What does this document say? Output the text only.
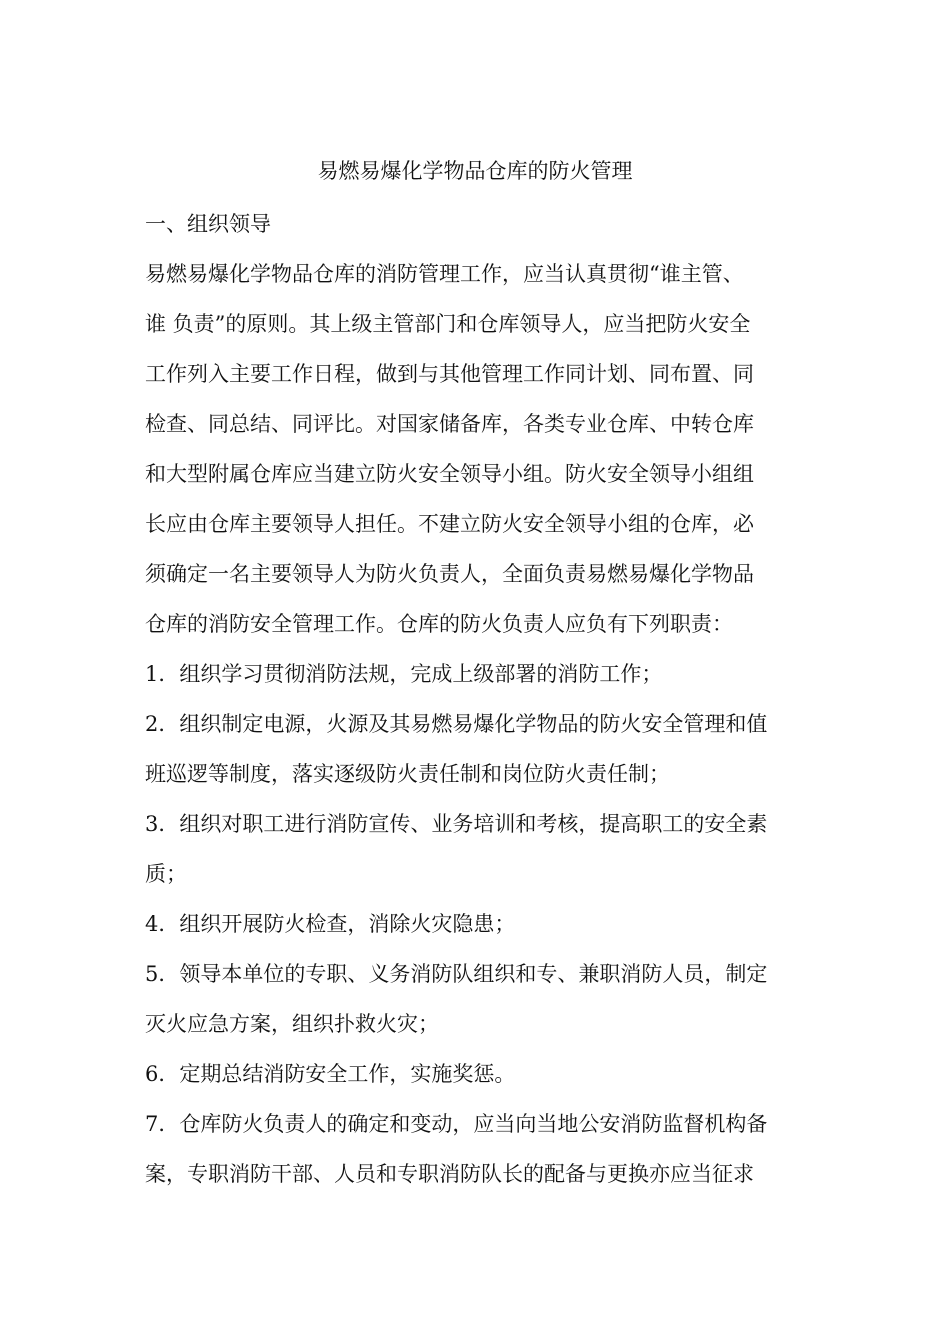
易燃易爆化学物品仓库的防火管理
一、组织领导
易燃易爆化学物品仓库的消防管理工作，应当认真贯彻“谁主管、
谁 负责”的原则。其上级主管部门和仓库领导人，应当把防火安全
工作列入主要工作日程，做到与其他管理工作同计划、同布置、同
检查、同总结、同评比。对国家储备库，各类专业仓库、中转仓库
和大型附属仓库应当建立防火安全领导小组。防火安全领导小组组
长应由仓库主要领导人担任。不建立防火安全领导小组的仓库，必
须确定一名主要领导人为防火负责人，全面负责易燃易爆化学物品
仓库的消防安全管理工作。仓库的防火负责人应负有下列职责：
1．组织学习贯彻消防法规，完成上级部署的消防工作；
2．组织制定电源，火源及其易燃易爆化学物品的防火安全管理和值
班巡逻等制度，落实逐级防火责任制和岗位防火责任制；
3．组织对职工进行消防宣传、业务培训和考核，提高职工的安全素
质；
4．组织开展防火检查，消除火灾隐患；
5．领导本单位的专职、义务消防队组织和专、兼职消防人员，制定
灭火应急方案，组织扑救火灾；
6．定期总结消防安全工作，实施奖惩。
7．仓库防火负责人的确定和变动，应当向当地公安消防监督机构备
案，专职消防干部、人员和专职消防队长的配备与更换亦应当征求
